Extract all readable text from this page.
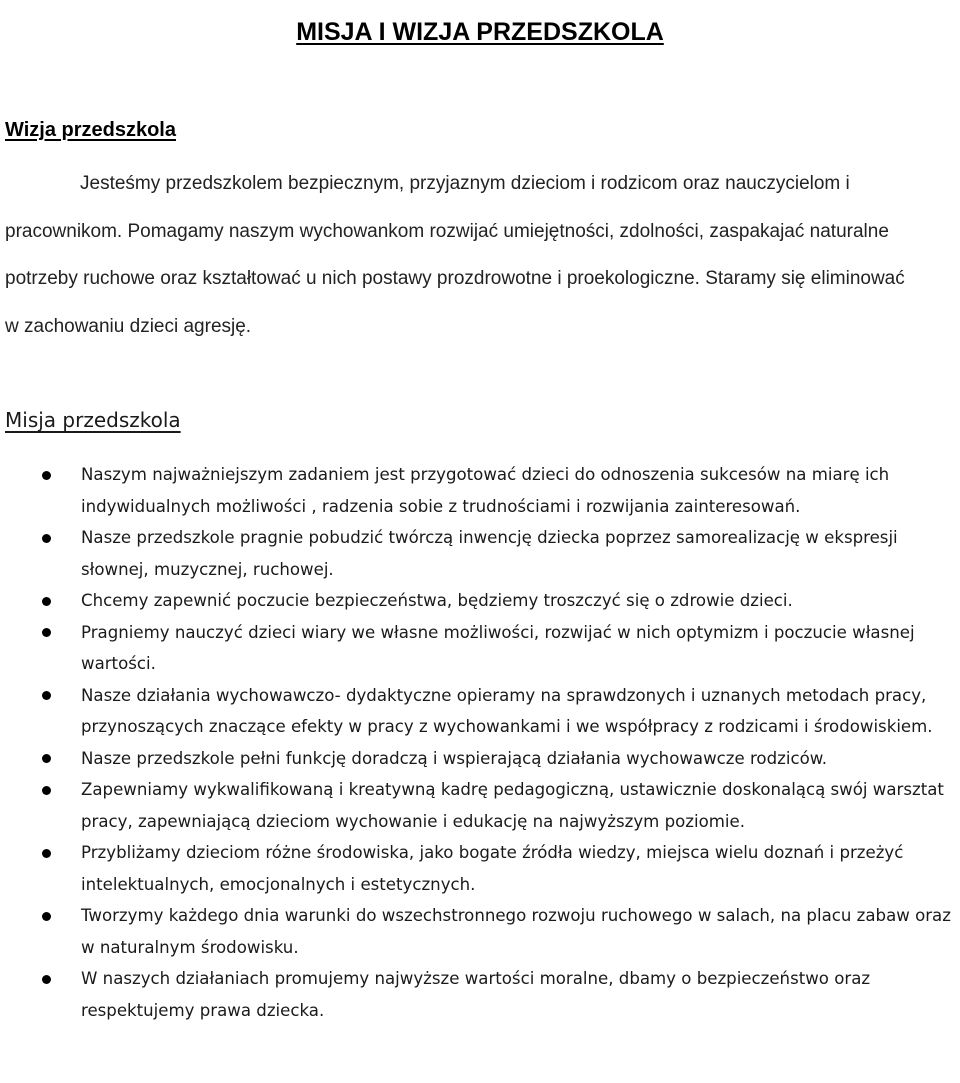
MISJA I WIZJA PRZEDSZKOLA
Wizja przedszkola

Jesteśmy przedszkolem bezpiecznym, przyjaznym dzieciom i rodzicom oraz nauczycielom i pracownikom. Pomagamy naszym wychowankom rozwijać umiejętności, zdolności, zaspakajać naturalne potrzeby ruchowe oraz kształtować u nich postawy prozdrowotne i proekologiczne. Staramy się eliminować w zachowaniu dzieci agresję.

Misja przedszkola
Naszym najważniejszym zadaniem jest przygotować dzieci do odnoszenia sukcesów na miarę ich indywidualnych możliwości , radzenia sobie z trudnościami i rozwijania zainteresowań.
Nasze przedszkole pragnie pobudzić twórczą inwencję dziecka poprzez samorealizację w ekspresji słownej, muzycznej, ruchowej.
Chcemy zapewnić poczucie bezpieczeństwa, będziemy troszczyć się o zdrowie dzieci.
Pragniemy nauczyć dzieci wiary we własne możliwości, rozwijać w nich optymizm i poczucie własnej wartości.
Nasze działania wychowawczo- dydaktyczne opieramy na sprawdzonych i uznanych metodach pracy, przynoszących znaczące efekty w pracy z wychowankami i we współpracy z rodzicami i środowiskiem.
Nasze przedszkole pełni funkcję doradczą i wspierającą działania wychowawcze rodziców.
Zapewniamy wykwalifikowaną i kreatywną kadrę pedagogiczną, ustawicznie doskonalącą swój warsztat pracy, zapewniającą dzieciom wychowanie i edukację na najwyższym poziomie.
Przybliżamy dzieciom różne środowiska, jako bogate źródła wiedzy, miejsca wielu doznań i przeżyć intelektualnych, emocjonalnych i estetycznych.
Tworzymy każdego dnia warunki do wszechstronnego rozwoju ruchowego w salach, na placu zabaw oraz w naturalnym środowisku.
W naszych działaniach promujemy najwyższe wartości moralne, dbamy o bezpieczeństwo oraz respektujemy prawa dziecka.
